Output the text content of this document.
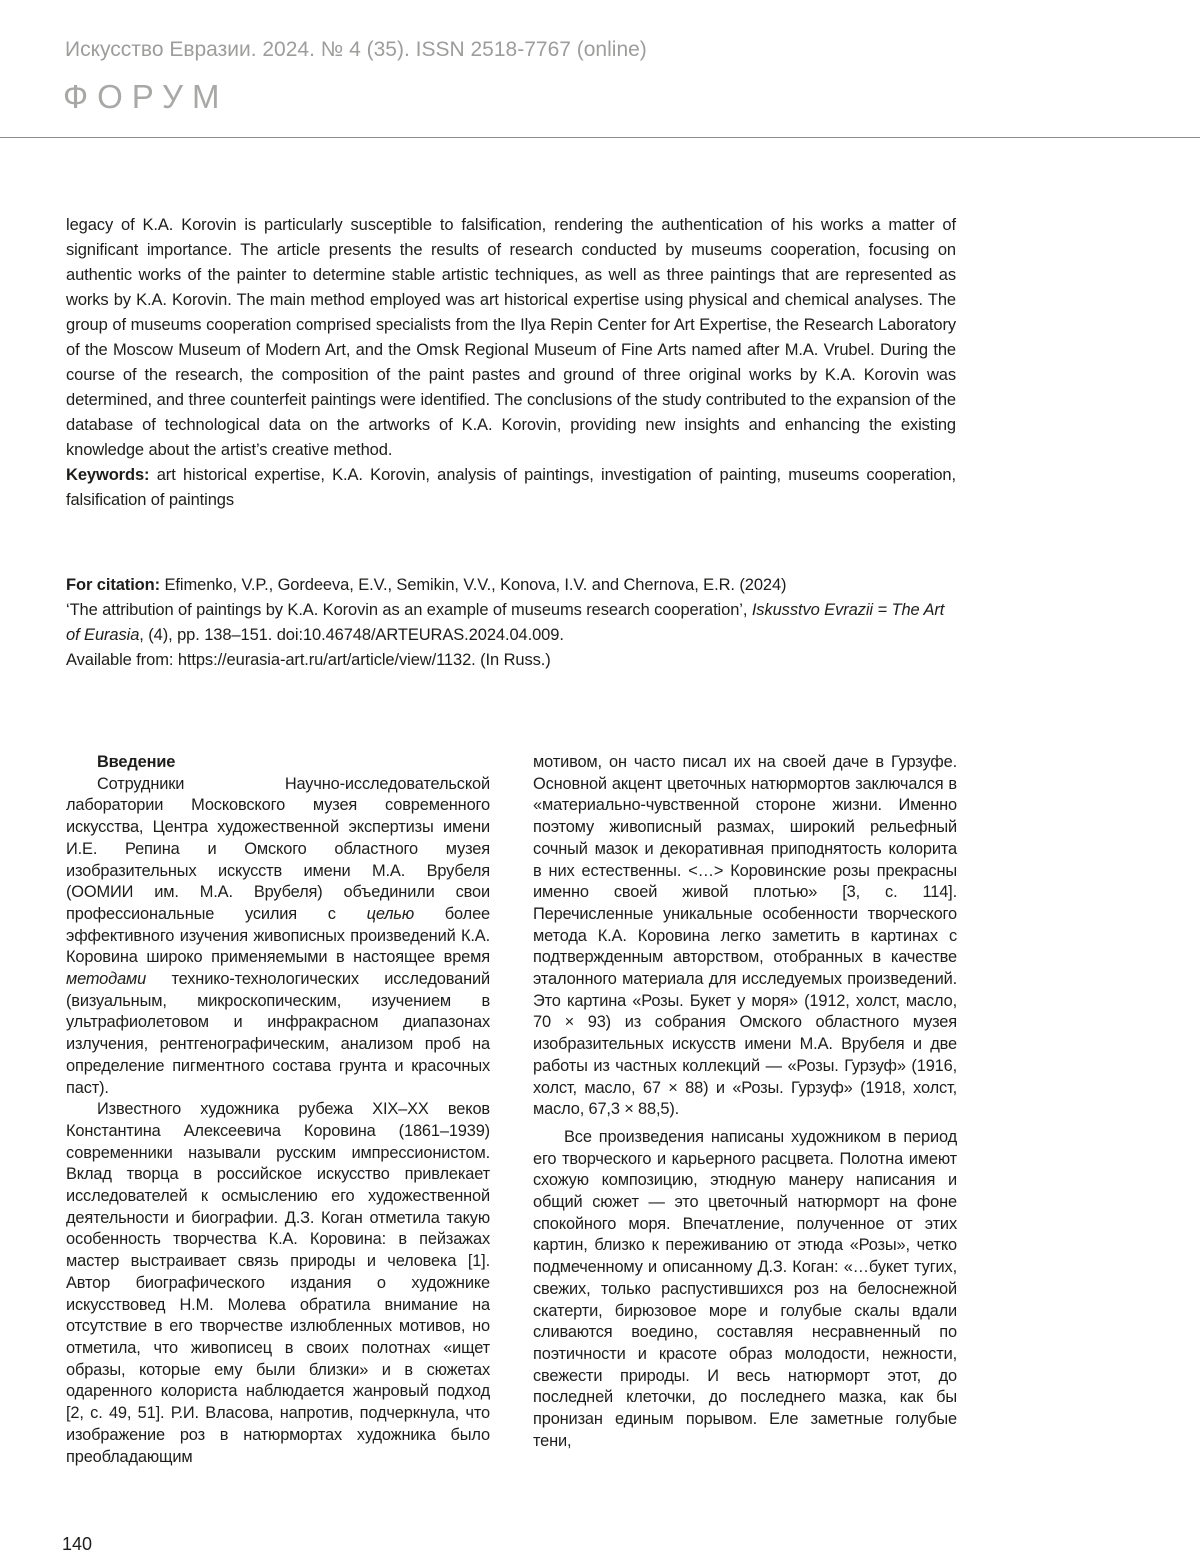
Искусство Евразии. 2024. № 4 (35). ISSN 2518-7767 (online)
ФОРУМ

legacy of K.A. Korovin is particularly susceptible to falsification, rendering the authentication of his works a matter of significant importance. The article presents the results of research conducted by museums cooperation, focusing on authentic works of the painter to determine stable artistic techniques, as well as three paintings that are represented as works by K.A. Korovin. The main method employed was art historical expertise using physical and chemical analyses. The group of museums cooperation comprised specialists from the Ilya Repin Center for Art Expertise, the Research Laboratory of the Moscow Museum of Modern Art, and the Omsk Regional Museum of Fine Arts named after M.A. Vrubel. During the course of the research, the composition of the paint pastes and ground of three original works by K.A. Korovin was determined, and three counterfeit paintings were identified. The conclusions of the study contributed to the expansion of the database of technological data on the artworks of K.A. Korovin, providing new insights and enhancing the existing knowledge about the artist’s creative method.

Keywords: art historical expertise, K.A. Korovin, analysis of paintings, investigation of painting, museums cooperation, falsification of paintings

For citation: Efimenko, V.P., Gordeeva, E.V., Semikin, V.V., Konova, I.V. and Chernova, E.R. (2024)
‘The attribution of paintings by K.A. Korovin as an example of museums research cooperation’, Iskusstvo Evrazii = The Art of Eurasia, (4), pp. 138–151. doi:10.46748/ARTEURAS.2024.04.009.

Available from: https://eurasia-art.ru/art/article/view/1132. (In Russ.)

Введение

Сотрудники Научно-исследовательской лаборатории Московского музея современного искусства, Центра художественной экспертизы имени И.Е. Репина и Омского областного музея изобразительных искусств имени М.А. Врубеля (ООМИИ им. М.А. Врубеля) объединили свои профессиональные усилия с целью более эффективного изучения живописных произведений К.А. Коровина широко применяемыми в настоящее время методами технико-технологических исследований (визуальным, микроскопическим, изучением в ультрафиолетовом и инфракрасном диапазонах излучения, рентгенографическим, анализом проб на определение пигментного состава грунта и красочных паст).

Известного художника рубежа XIX–XX веков Константина Алексеевича Коровина (1861–1939) современники называли русским импрессионистом. Вклад творца в российское искусство привлекает исследователей к осмыслению его художественной деятельности и биографии. Д.З. Коган отметила такую особенность творчества К.А. Коровина: в пейзажах мастер выстраивает связь природы и человека [1]. Автор биографического издания о художнике искусствовед Н.М. Молева обратила внимание на отсутствие в его творчестве излюбленных мотивов, но отметила, что живописец в своих полотнах «ищет образы, которые ему были близки» и в сюжетах одаренного колориста наблюдается жанровый подход [2, с. 49, 51]. Р.И. Власова, напротив, подчеркнула, что изображение роз в натюрмортах художника было преобладающим

мотивом, он часто писал их на своей даче в Гурзуфе. Основной акцент цветочных натюрмортов заключался в «материально-чувственной стороне жизни. Именно поэтому живописный размах, широкий рельефный сочный мазок и декоративная приподнятость колорита в них естественны. <…> Коровинские розы прекрасны именно своей живой плотью» [3, с. 114]. Перечисленные уникальные особенности творческого метода К.А. Коровина легко заметить в картинах с подтвержденным авторством, отобранных в качестве эталонного материала для исследуемых произведений. Это картина «Розы. Букет у моря» (1912, холст, масло, 70 × 93) из собрания Омского областного музея изобразительных искусств имени М.А. Врубеля и две работы из частных коллекций — «Розы. Гурзуф» (1916, холст, масло, 67 × 88) и «Розы. Гурзуф» (1918, холст, масло, 67,3 × 88,5).

Все произведения написаны художником в период его творческого и карьерного расцвета. Полотна имеют схожую композицию, этюдную манеру написания и общий сюжет — это цветочный натюрморт на фоне спокойного моря. Впечатление, полученное от этих картин, близко к переживанию от этюда «Розы», четко подмеченному и описанному Д.З. Коган: «…букет тугих, свежих, только распустившихся роз на белоснежной скатерти, бирюзовое море и голубые скалы вдали сливаются воедино, составляя несравненный по поэтичности и красоте образ молодости, нежности, свежести природы. И весь натюрморт этот, до последней клеточки, до последнего мазка, как бы пронизан единым порывом. Еле заметные голубые тени,

140
